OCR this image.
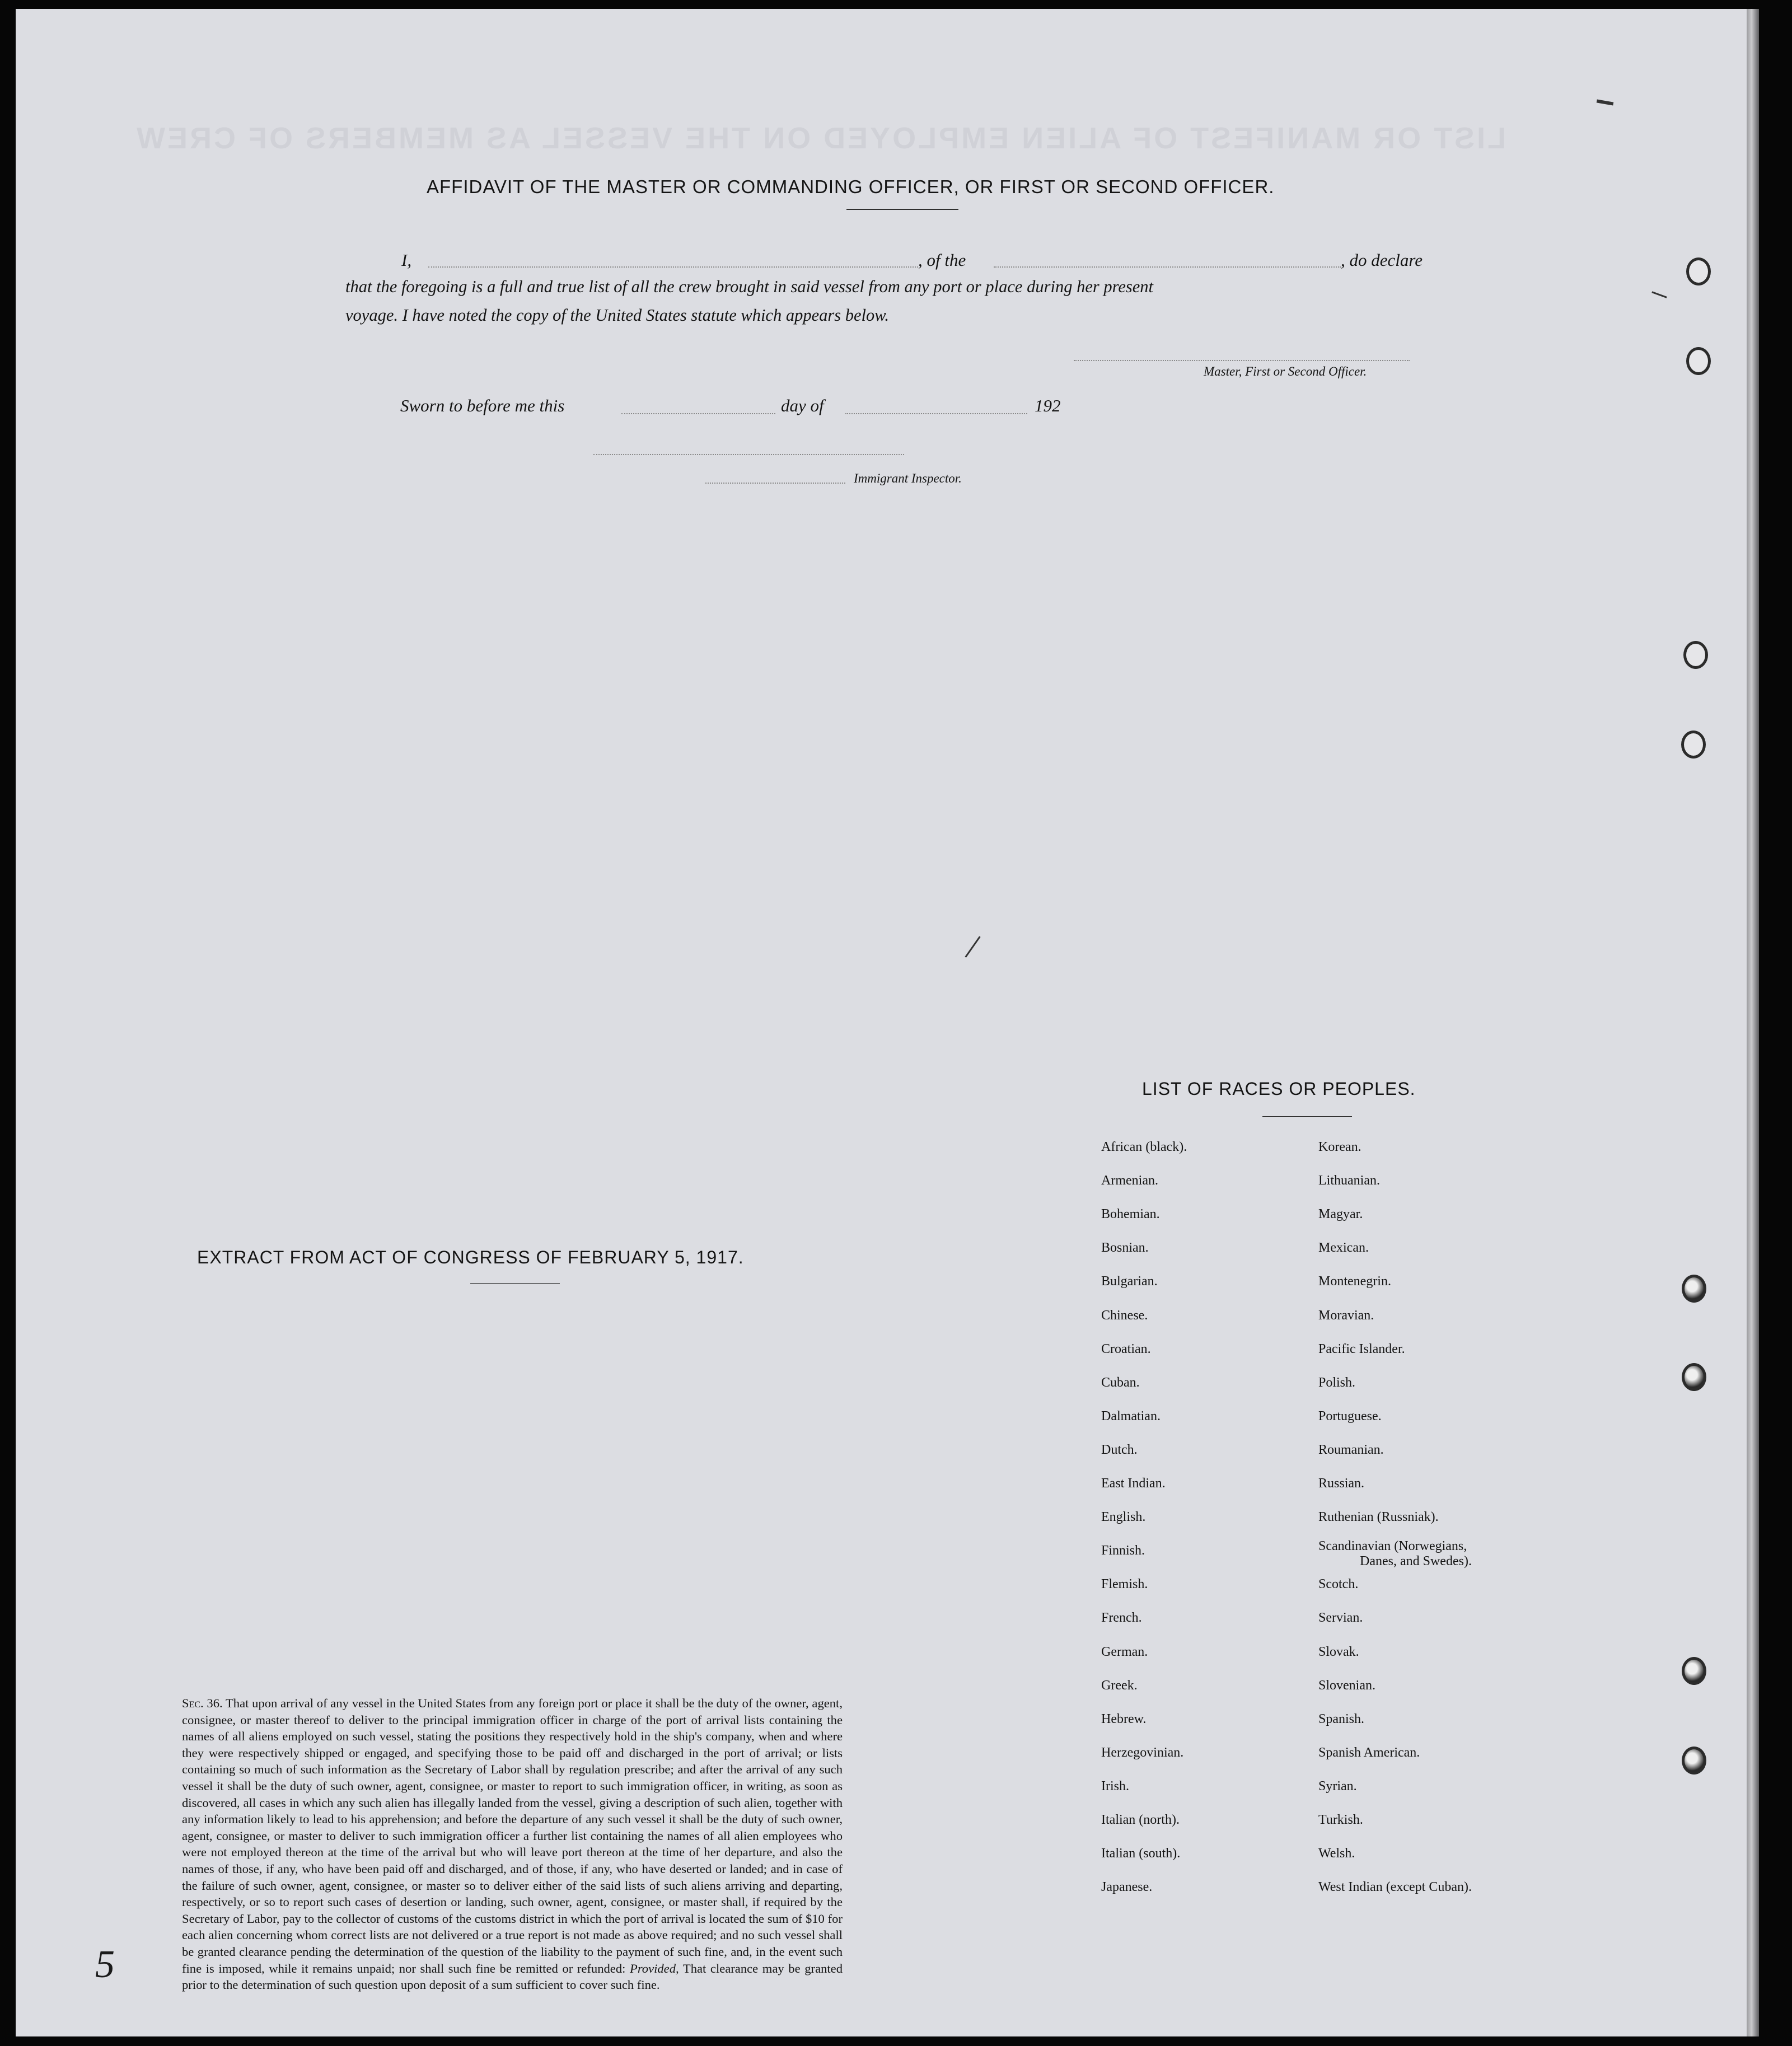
LIST OR MANIFEST OF ALIEN EMPLOYED ON THE VESSEL AS MEMBERS OF CREW
AFFIDAVIT OF THE MASTER OR COMMANDING OFFICER, OR FIRST OR SECOND OFFICER.
I,	, of the	, do declare
that the foregoing is a full and true list of all the crew brought in said vessel from any port or place during her present
voyage. I have noted the copy of the United States statute which appears below.
Master, First or Second Officer.
Sworn to before me this	day of	192
Immigrant Inspector.
EXTRACT FROM ACT OF CONGRESS OF FEBRUARY 5, 1917.
Sec. 36. That upon arrival of any vessel in the United States from any foreign port or place it shall be the duty of the owner, agent, consignee, or master thereof to deliver to the principal immigration officer in charge of the port of arrival lists containing the names of all aliens employed on such vessel, stating the positions they respectively hold in the ship's company, when and where they were respectively shipped or engaged, and specifying those to be paid off and discharged in the port of arrival; or lists containing so much of such information as the Secretary of Labor shall by regulation prescribe; and after the arrival of any such vessel it shall be the duty of such owner, agent, consignee, or master to report to such immigration officer, in writing, as soon as discovered, all cases in which any such alien has illegally landed from the vessel, giving a description of such alien, together with any information likely to lead to his apprehension; and before the departure of any such vessel it shall be the duty of such owner, agent, consignee, or master to deliver to such immigration officer a further list containing the names of all alien employees who were not employed thereon at the time of the arrival but who will leave port thereon at the time of her departure, and also the names of those, if any, who have been paid off and discharged, and of those, if any, who have deserted or landed; and in case of the failure of such owner, agent, consignee, or master so to deliver either of the said lists of such aliens arriving and departing, respectively, or so to report such cases of desertion or landing, such owner, agent, consignee, or master shall, if required by the Secretary of Labor, pay to the collector of customs of the customs district in which the port of arrival is located the sum of $10 for each alien concerning whom correct lists are not delivered or a true report is not made as above required; and no such vessel shall be granted clearance pending the determination of the question of the liability to the payment of such fine, and, in the event such fine is imposed, while it remains unpaid; nor shall such fine be remitted or refunded: Provided, That clearance may be granted prior to the determination of such question upon deposit of a sum sufficient to cover such fine.
LIST OF RACES OR PEOPLES.
African (black).
Armenian.
Bohemian.
Bosnian.
Bulgarian.
Chinese.
Croatian.
Cuban.
Dalmatian.
Dutch.
East Indian.
English.
Finnish.
Flemish.
French.
German.
Greek.
Hebrew.
Herzegovinian.
Irish.
Italian (north).
Italian (south).
Japanese.
Korean.
Lithuanian.
Magyar.
Mexican.
Montenegrin.
Moravian.
Pacific Islander.
Polish.
Portuguese.
Roumanian.
Russian.
Ruthenian (Russniak).
Scandinavian (Norwegians,
Danes, and Swedes).
Scotch.
Servian.
Slovak.
Slovenian.
Spanish.
Spanish American.
Syrian.
Turkish.
Welsh.
West Indian (except Cuban).
5
